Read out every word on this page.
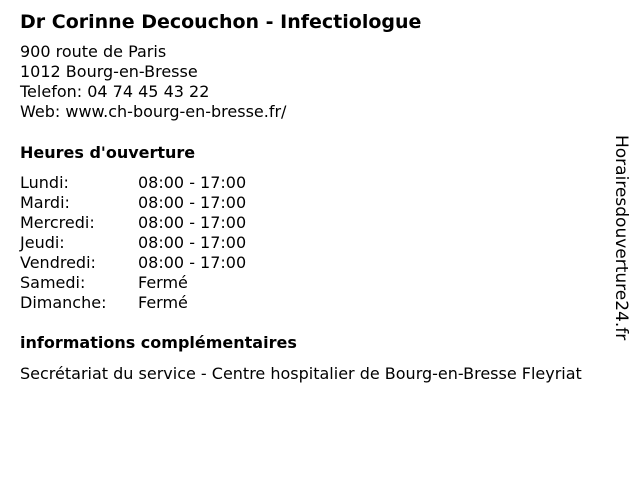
Dr Corinne Decouchon - Infectiologue
900 route de Paris
1012 Bourg-en-Bresse
Telefon: 04 74 45 43 22
Web: www.ch-bourg-en-bresse.fr/
Heures d'ouverture
Lundi:	08:00 - 17:00
Mardi:	08:00 - 17:00
Mercredi:	08:00 - 17:00
Jeudi:	08:00 - 17:00
Vendredi:	08:00 - 17:00
Samedi:	Fermé
Dimanche:	Fermé
informations complémentaires
Secrétariat du service - Centre hospitalier de Bourg-en-Bresse Fleyriat
Horairesdouverture24.fr
